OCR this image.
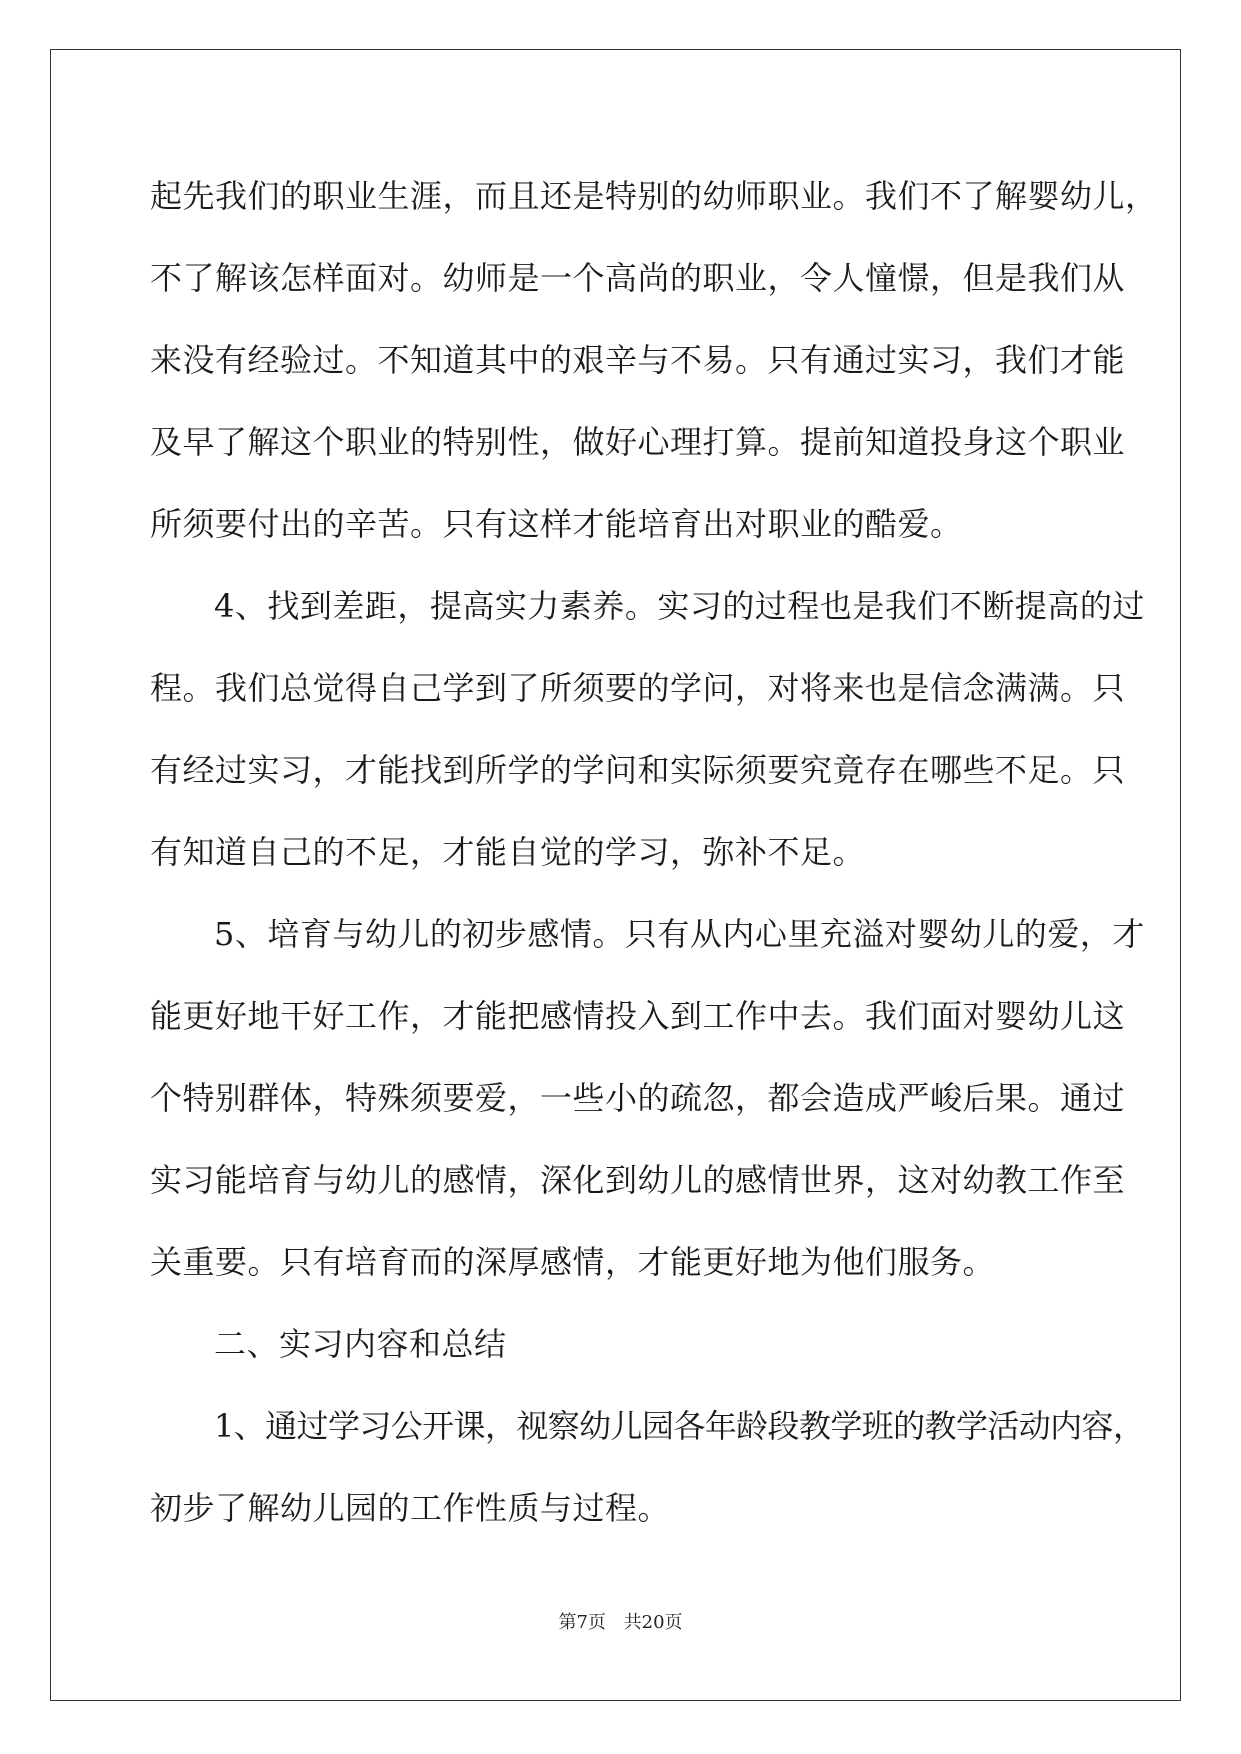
起先我们的职业生涯，而且还是特别的幼师职业。我们不了解婴幼儿，
不了解该怎样面对。幼师是一个高尚的职业，令人憧憬，但是我们从
来没有经验过。不知道其中的艰辛与不易。只有通过实习，我们才能
及早了解这个职业的特别性，做好心理打算。提前知道投身这个职业
所须要付出的辛苦。只有这样才能培育出对职业的酷爱。
4、找到差距，提高实力素养。实习的过程也是我们不断提高的过
程。我们总觉得自己学到了所须要的学问，对将来也是信念满满。只
有经过实习，才能找到所学的学问和实际须要究竟存在哪些不足。只
有知道自己的不足，才能自觉的学习，弥补不足。
5、培育与幼儿的初步感情。只有从内心里充溢对婴幼儿的爱，才
能更好地干好工作，才能把感情投入到工作中去。我们面对婴幼儿这
个特别群体，特殊须要爱，一些小的疏忽，都会造成严峻后果。通过
实习能培育与幼儿的感情，深化到幼儿的感情世界，这对幼教工作至
关重要。只有培育而的深厚感情，才能更好地为他们服务。
二、实习内容和总结
1、通过学习公开课，视察幼儿园各年龄段教学班的教学活动内容，
初步了解幼儿园的工作性质与过程。
第7页 共20页
